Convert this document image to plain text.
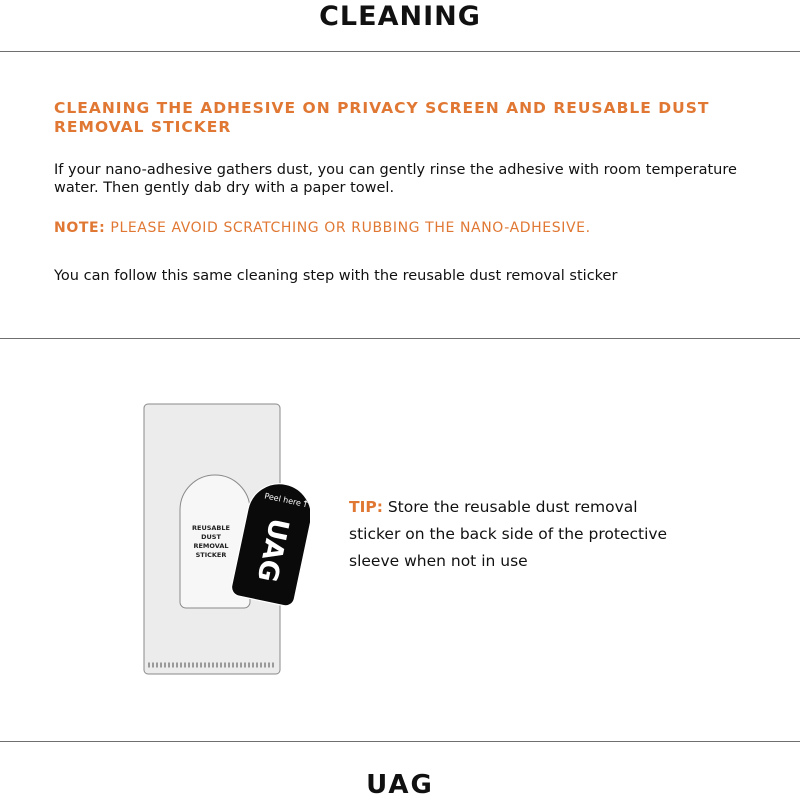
CLEANING
CLEANING THE ADHESIVE ON PRIVACY SCREEN AND REUSABLE DUST REMOVAL STICKER

If your nano-adhesive gathers dust, you can gently rinse the adhesive with room temperature water. Then gently dab dry with a paper towel.

NOTE: PLEASE AVOID SCRATCHING OR RUBBING THE NANO-ADHESIVE.

You can follow this same cleaning step with the reusable dust removal sticker

REUSABLE
DUST
REMOVAL
STICKER
Peel here
↑
UAG

TIP: Store the reusable dust removal sticker on the back side of the protective sleeve when not in use

UAG
